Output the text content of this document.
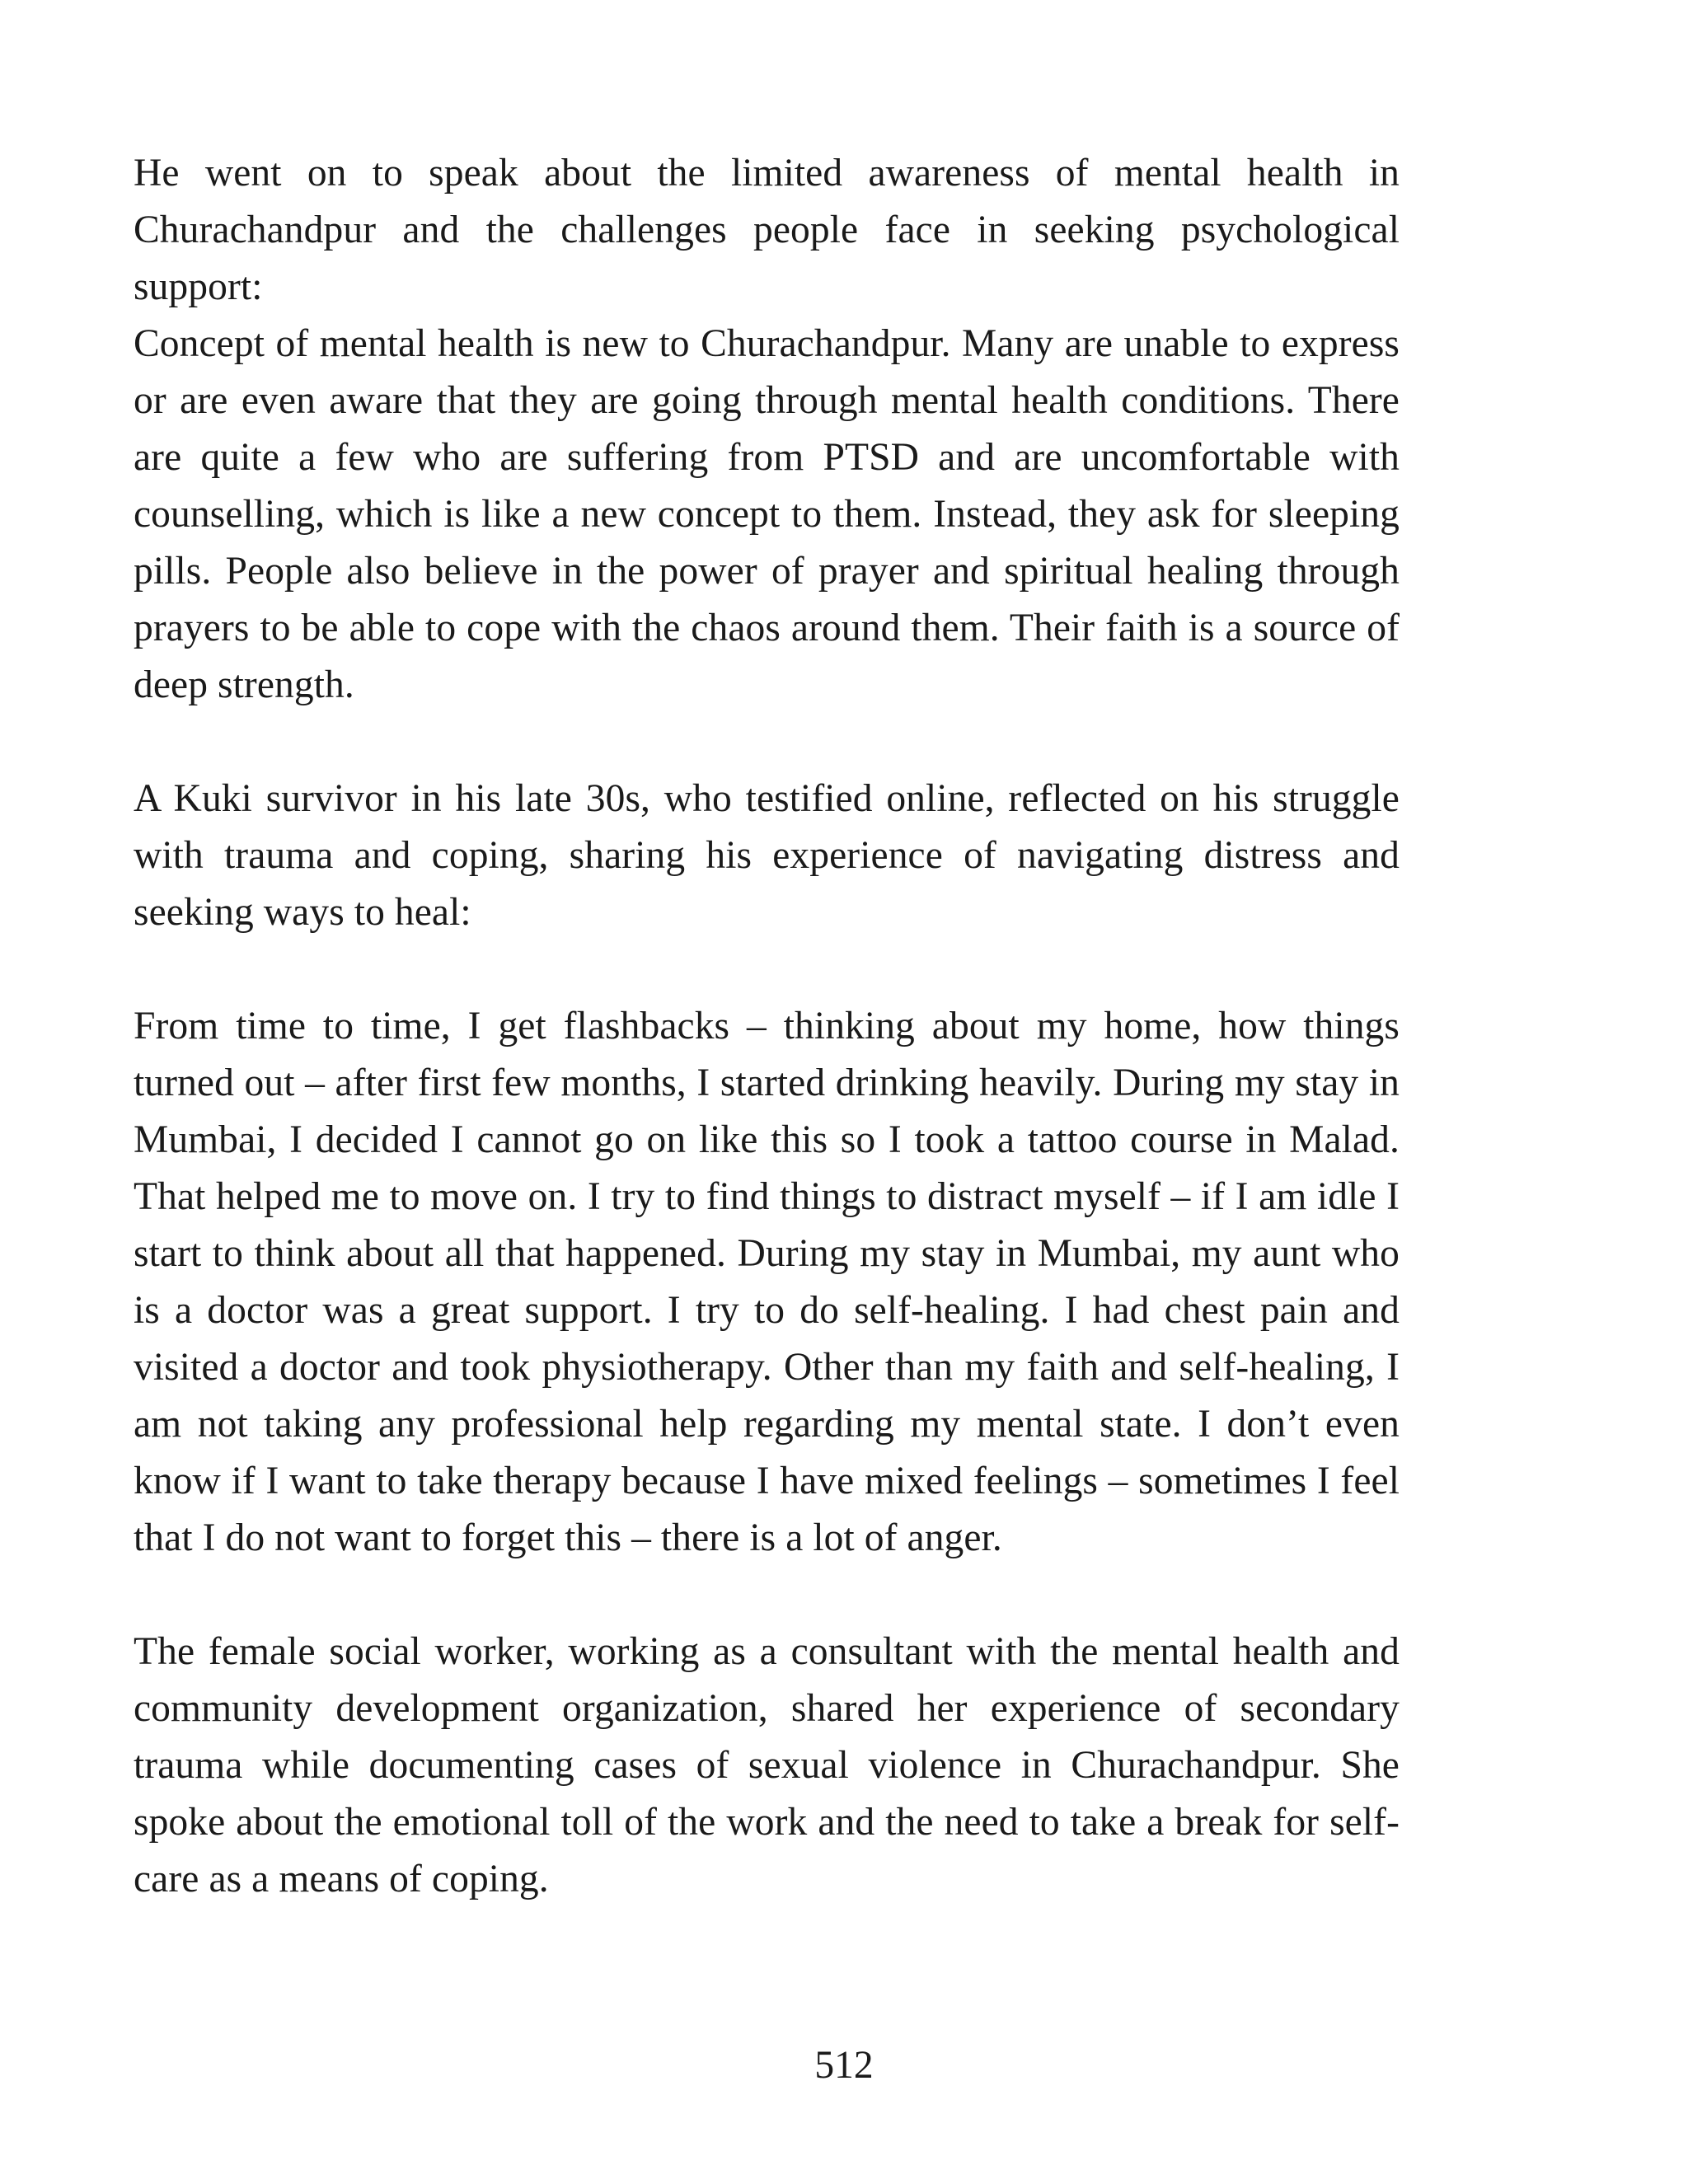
He went on to speak about the limited awareness of mental health in Churachandpur and the challenges people face in seeking psychological support:

Concept of mental health is new to Churachandpur. Many are unable to express or are even aware that they are going through mental health conditions. There are quite a few who are suffering from PTSD and are uncomfortable with counselling, which is like a new concept to them. Instead, they ask for sleeping pills. People also believe in the power of prayer and spiritual healing through prayers to be able to cope with the chaos around them. Their faith is a source of deep strength.

A Kuki survivor in his late 30s, who testified online, reflected on his struggle with trauma and coping, sharing his experience of navigating distress and seeking ways to heal:

From time to time, I get flashbacks – thinking about my home, how things turned out – after first few months, I started drinking heavily. During my stay in Mumbai, I decided I cannot go on like this so I took a tattoo course in Malad. That helped me to move on. I try to find things to distract myself – if I am idle I start to think about all that happened. During my stay in Mumbai, my aunt who is a doctor was a great support. I try to do self-healing. I had chest pain and visited a doctor and took physiotherapy. Other than my faith and self-healing, I am not taking any professional help regarding my mental state. I don’t even know if I want to take therapy because I have mixed feelings – sometimes I feel that I do not want to forget this – there is a lot of anger.

The female social worker, working as a consultant with the mental health and community development organization, shared her experience of secondary trauma while documenting cases of sexual violence in Churachandpur. She spoke about the emotional toll of the work and the need to take a break for self-care as a means of coping.

512
